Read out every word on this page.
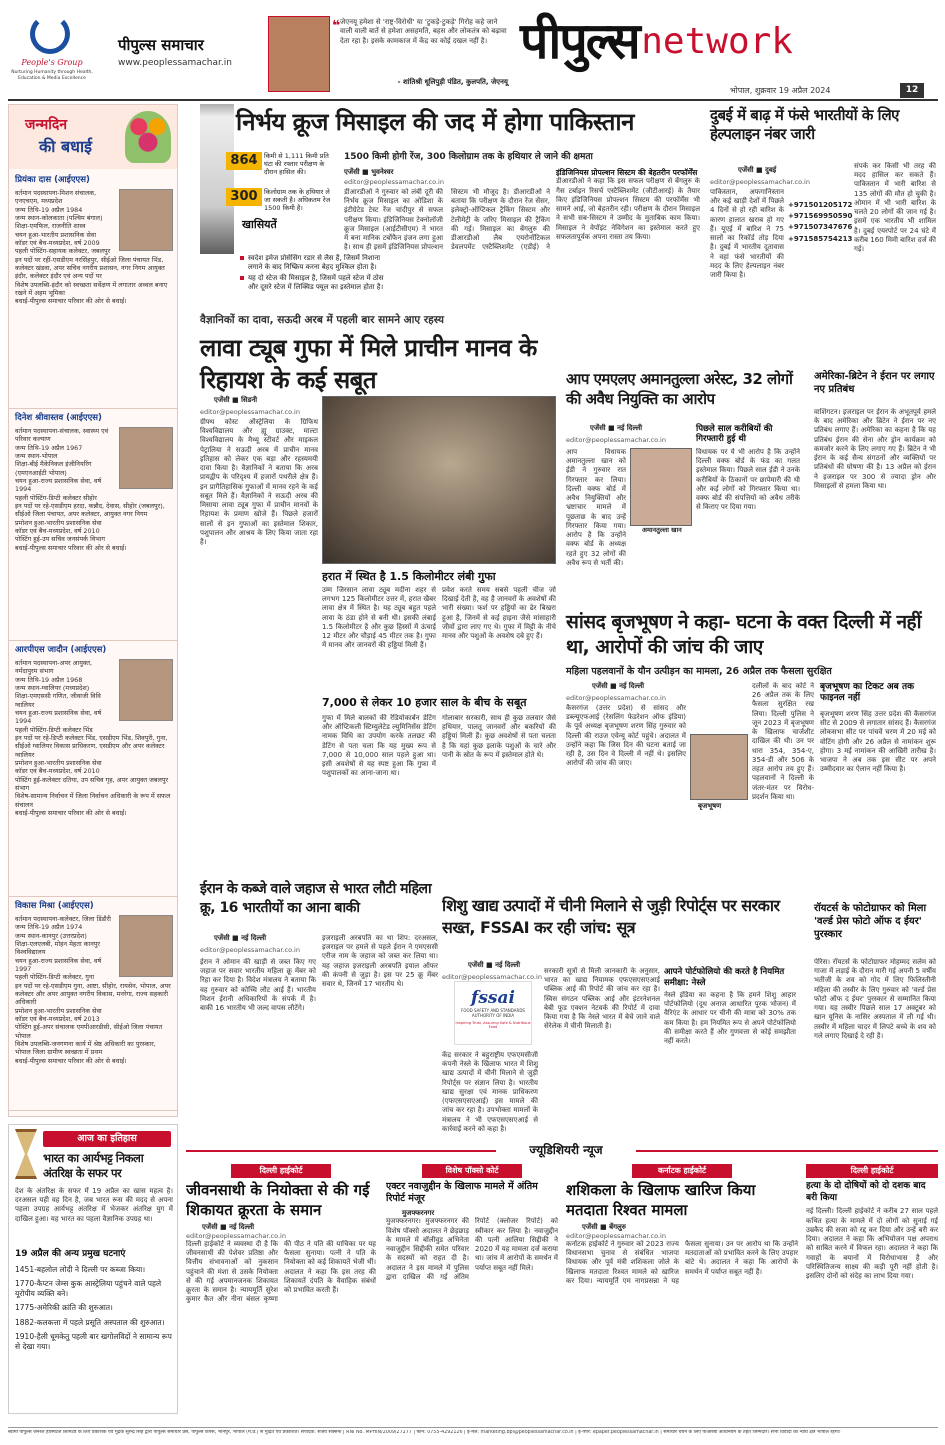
People's Group
Nurturing Humanity through Health, Education & Media Excellence
पीपुल्स समाचार
www.peoplessamachar.in
❝ जेएनयू हमेशा से 'राष्ट्र-विरोधी' या 'टुकड़े-टुकड़े' गिरोह कहे जाने वाली वाली बातें से हमेशा असहमति, बहस और लोकतंत्र को बढ़ावा देता रहा है। इसके कामकाज में केंद्र का कोई दखल नहीं है।
- शांतिश्री धूलिपुड़ी पंडित, कुलपति, जेएनयू
पीपुल्स network
भोपाल, शुक्रवार 19 अप्रैल 2024	12
जन्मदिन
की बधाई
प्रियंका दास (आईएएस)
वर्तमान पदस्थापना-मिशन संचालक, एनएचएम, मध्यप्रदेश
जन्म तिथि-19 अप्रैल 1984
जन्म स्थान-कोलकाता (पश्चिम बंगाल)
शिक्षा-एमफिल, राजनीति शास्त्र
चयन हुआ-भारतीय प्रशासनिक सेवा
कॉडर एवं बैच-मध्यप्रदेश, वर्ष 2009
पहली पोस्टिंग-सहायक कलेक्टर, जबलपुर
इन पदों पर रहीं-एसडीएम नरसिंहपुर, सीईओ जिला पंचायत भिंड, कलेक्टर खंडवा, अपर सचिव नगरीय प्रशासन, नगर निगम आयुक्त इंदौर, कलेक्टर इंदौर एवं अन्य पदों पर
विशेष उपलब्धि-इंदौर को स्वच्छता सर्वेक्षण में लगातार अव्वल बनाए रखने में अहम भूमिका
बधाई-पीपुल्स समाचार परिवार की ओर से बधाई।
दिनेश श्रीवास्तव (आईएएस)
वर्तमान पदस्थापना-संचालक, स्वास्थ्य एवं परिवार कल्याण
जन्म तिथि-19 अप्रैल 1967
जन्म स्थान-भोपाल
शिक्षा-बीई मैकेनिकल इंजीनियरिंग (एमएनआईटी भोपाल)
चयन हुआ-राज्य प्रशासनिक सेवा, वर्ष 1994
पहली पोस्टिंग-डिप्टी कलेक्टर सीहोर
इन पदों पर रहे-एसडीएम हरदा, कन्नौद, देवास, सीहोर (जबलपुर), सीईओ जिला पंचायत, अपर कलेक्टर, आयुक्त नगर निगम
प्रमोशन हुआ-भारतीय प्रशासनिक सेवा
कॉडर एवं बैच-मध्यप्रदेश, वर्ष 2010
पोस्टिंग हुई-उप सचिव जनसंपर्क विभाग
बधाई-पीपुल्स समाचार परिवार की ओर से बधाई।
आरपीएस जादौन (आईएएस)
वर्तमान पदस्थापना-अपर आयुक्त, नर्मदापुरम संभाग
जन्म तिथि-19 अप्रैल 1968
जन्म स्थान-ग्वालियर (मध्यप्रदेश)
शिक्षा-एमएससी गणित, जीवाजी विवि ग्वालियर
चयन हुआ-राज्य प्रशासनिक सेवा, वर्ष 1994
पहली पोस्टिंग-डिप्टी कलेक्टर भिंड
इन पदों पर रहे-डिप्टी कलेक्टर भिंड, एसडीएम भिंड, शिवपुरी, गुना, सीईओ ग्वालियर विकास प्राधिकरण, एसडीएम और अपर कलेक्टर ग्वालियर
प्रमोशन हुआ-भारतीय प्रशासनिक सेवा
कॉडर एवं बैच-मध्यप्रदेश, वर्ष 2010
पोस्टिंग हुई-कलेक्टर दतिया, उप सचिव गृह, अपर आयुक्त जबलपुर संभाग
विशेष-सामान्य निर्वाचन में जिला निर्वाचन अधिकारी के रूप में सफल संचालन
बधाई-पीपुल्स समाचार परिवार की ओर से बधाई।
विकास मिश्रा (आईएएस)
वर्तमान पदस्थापना-कलेक्टर, जिला डिंडौरी
जन्म तिथि-19 अप्रैल 1974
जन्म स्थान-कानपुर (उत्तरप्रदेश)
शिक्षा-एलएलबी, मोहन मेहता कानपुर विश्वविद्यालय
चयन हुआ-राज्य प्रशासनिक सेवा, वर्ष 1997
पहली पोस्टिंग-डिप्टी कलेक्टर, गुना
इन पदों पर रहे-एसडीएम गुना, आष्टा, सीहोर, रायसेन, भोपाल, अपर कलेक्टर और अपर आयुक्त नगरीय विकास, मनरेगा, राज्य सहकारी अधिकारी
प्रमोशन हुआ-भारतीय प्रशासनिक सेवा
कॉडर एवं बैच-मध्यप्रदेश, वर्ष 2013
पोस्टिंग हुई-अपर संचालक एमपीआरडीसी, सीईओ जिला पंचायत भोपाल
विशेष उपलब्धि-जनगणना कार्य में श्रेष्ठ अधिकारी का पुरस्कार, भोपाल जिला ग्रामीण स्वच्छता में प्रथम
बधाई-पीपुल्स समाचार परिवार की ओर से बधाई।
आज का इतिहास
भारत का आर्यभट्ट निकला अंतरिक्ष के सफर पर
देश के अंतरिक्ष के सफर में 19 अप्रैल का खास महत्व है। दरअसल यही वह दिन है, जब भारत रूस की मदद से अपना पहला उपग्रह आर्यभट्ट अंतरिक्ष में भेजकर अंतरिक्ष युग में दाखिल हुआ। यह भारत का पहला वैज्ञानिक उपग्रह था।
19 अप्रैल की अन्य प्रमुख घटनाएं
1451-बहलोल लोदी ने दिल्ली पर कब्जा किया।
1770-कैप्टन जेम्स कुक आस्ट्रेलिया पहुंचने वाले पहले यूरोपीय व्यक्ति बने।
1775-अमेरिकी क्रांति की शुरुआत।
1882-कलकत्ता में पहले प्रसूति अस्पताल की शुरुआत।
1910-हैली धूमकेतु पहली बार खगोलविदों ने सामान्य रूप से देखा गया।
निर्भय क्रूज मिसाइल की जद में होगा पाकिस्तान
864 किमी से 1,111 किमी प्रति घंटा की रफ्तार परीक्षण के दौरान हासिल की।
1500 किमी होगी रेंज, 300 किलोग्राम तक के हथियार ले जाने की क्षमता
300 किलोग्राम तक के हथियार ले जा सकती है। अधिकतम रेंज 1500 किमी है।
खासियतें
एजेंसी ■ भुवनेश्वर
editor@peoplessamachar.co.in
डीआरडीओ ने गुरुवार को लंबी दूरी की निर्भय क्रूज मिसाइल का ओडिशा के इंटीग्रेटेड टेस्ट रेंज चांदीपुर से सफल परीक्षण किया। इंडिजिनियस टेक्नोलॉजी क्रूज मिसाइल (आईटीसीएम) ने भारत में बना मानिक टर्बोफैन इंजन लगा हुआ है। साथ ही इसमें इंडिजिनियस प्रोपल्शन सिस्टम भी मौजूद है। डीआरडीओ ने बताया कि परीक्षण के दौरान रेंज सेंसर, इलेक्ट्रो-ऑप्टिकल ट्रैकिंग सिस्टम और टेलीमेट्री के जरिए मिसाइल की ट्रैकिंग की गई। मिसाइल का बेंगलुरु की डीआरडीओ लैब एयरोनॉटिकल डेवलपमेंट एस्टैब्लिशमेंट (एडीई) ने
इंडिजिनियस प्रोपल्शन सिस्टम की बेहतरीन परफॉर्मेंस
डीआरडीओ ने कहा कि इस सफल परीक्षण से बेंगलुरु के गैस टर्बाइन रिसर्च एस्टैब्लिशमेंट (जीटीआरई) के तैयार किए इंडिजिनियस प्रोपल्शन सिस्टम की परफॉर्मेंस भी सामने आई, जो बेहतरीन रही। परीक्षण के दौरान मिसाइल ने सभी सब-सिस्टम ने उम्मीद के मुताबिक काम किया। मिसाइल ने वेपॉइंट नेविगेशन का इस्तेमाल करते हुए सफलतापूर्वक अपना रास्ता तय किया।
स्वदेश इमेज प्रोसेसिंग रडार से लैस है, जिसमें निशाना लगाने के बाद निष्क्रिय करना बेहद मुश्किल होता है।
यह दो स्टेज की मिसाइल है, जिसमें पहले स्टेज में ठोस और दूसरे स्टेज में लिक्विड फ्यूल का इस्तेमाल होता है।
दुबई में बाढ़ में फंसे भारतीयों के लिए हेल्पलाइन नंबर जारी
एजेंसी ■ दुबई
editor@peoplessamachar.co.in
पाकिस्तान, अफगानिस्तान और कई खाड़ी देशों में पिछले 4 दिनों से हो रही बारिश के कारण हालात खराब हो गए हैं। यूएई में बारिश ने 75 सालों का रिकॉर्ड तोड़ दिया है। दुबई में भारतीय दूतावास ने वहां फंसे भारतीयों की मदद के लिए हेल्पलाइन नंबर जारी किया है।
+971501205172
+971569950590
+971507347676
+971585754213
संपर्क कर किसी भी तरह की मदद हासिल कर सकते हैं। पाकिस्तान में भारी बारिश से 135 लोगों की मौत हो चुकी है। ओमान में भी भारी बारिश के चलते 20 लोगों की जान गई है। इसमें एक भारतीय भी शामिल है। दुबई एयरपोर्ट पर 24 घंटे में करीब 160 मिमी बारिश दर्ज की गई।
वैज्ञानिकों का दावा, सऊदी अरब में पहली बार सामने आए रहस्य
लावा ट्यूब गुफा में मिले प्राचीन मानव के रिहायश के कई सबूत
एजेंसी ■ सिडनी
editor@peoplessamachar.co.in
ग्रीफ्थ कोस्ट ऑस्ट्रेलिया के ग्रिफिथ विश्वविद्यालय और ह्यू ग्राउक्ट, माल्टा विश्वविद्यालय के मैथ्यू स्टीवर्ट और माइकल पेट्रालिया ने सऊदी अरब में प्राचीन मानव इतिहास को लेकर एक बड़ा और रहस्यमयी दावा किया है। वैज्ञानिकों ने बताया कि अरब प्रायद्वीप के परिदृश्य में हजारों पथरीले क्षेत्र हैं। इन प्रागैतिहासिक गुफाओं में मानव रहने के कई सबूत मिले हैं। वैज्ञानिकों ने सऊदी अरब की मिसाया लावा ट्यूब गुफा में प्राचीन मानवों के रिहायश के प्रमाण खोजे हैं। पिछले हजारों सालों से इन गुफाओं का इस्तेमाल शिकार, पशुपालन और आश्रय के लिए किया जाता रहा है।
हरात में स्थित है 1.5 किलोमीटर लंबी गुफा
उम्म जिरसान लावा ट्यूब मदीना शहर से लगभग 125 किलोमीटर उत्तर में, हरात खैबर लावा क्षेत्र में स्थित है। यह ट्यूब बहुत पहले लावा के ठंडा होने से बनी थी। इसकी लंबाई 1.5 किलोमीटर है और कुछ हिस्सों में ऊंचाई 12 मीटर और चौड़ाई 45 मीटर तक है। गुफा में मानव और जानवरों की हड्डियां मिली हैं।
प्रवेश करते समय सबसे पहली चीज जो दिखाई देती है, वह है जानवरों के अवशेषों की भारी संख्या। फर्श पर हड्डियों का ढेर बिखरा हुआ है, जिनमें से कई हाइना जैसे मांसाहारी जीवों द्वारा लाए गए थे। गुफा में मिट्टी के नीचे मानव और पशुओं के अवशेष दबे हुए हैं।
7,000 से लेकर 10 हजार साल के बीच के सबूत
गुफा में मिले बालकों की रेडियोकार्बन डेटिंग और ऑप्टिकली स्टिम्युलेटेड ल्युमिनिसेंस डेटिंग नामक विधि का उपयोग करके तलछट की डेटिंग से पता चला कि यह मुख्य रूप से 7,000 से 10,000 साल पहले हुआ था। इसी अवशेषों से यह स्पष्ट हुआ कि गुफा में पशुपालकों का आना-जाना था।
गोलाबार सरकारी, साथ ही कुछ तलवार जैसे हथियार, पालतू जानवरों और बकरियों की हड्डियां मिली हैं। कुछ अवशेषों से पता चलता है कि यहां कुछ इलाके पशुओं के चारे और पानी के स्रोत के रूप में इस्तेमाल होते थे।
आप एमएलए अमानतुल्ला अरेस्ट, 32 लोगों की अवैध नियुक्ति का आरोप
एजेंसी ■ नई दिल्ली
editor@peoplessamachar.co.in
आप विधायक अमानतुल्ला खान को ईडी ने गुरुवार रात गिरफ्तार कर लिया। दिल्ली वक्फ बोर्ड में अवैध नियुक्तियों और भ्रष्टाचार मामले में पूछताछ के बाद उन्हें गिरफ्तार किया गया। आरोप है कि उन्होंने वक्फ बोर्ड के अध्यक्ष रहते हुए 32 लोगों की अवैध रूप से भर्ती की।
अमानतुल्ला खान
पिछले साल करीबियों की गिरफ्तारी हुई थी
विधायक पर ये भी आरोप है कि उन्होंने दिल्ली वक्फ बोर्ड के फंड का गलत इस्तेमाल किया। पिछले साल ईडी ने उनके करीबियों के ठिकानों पर छापेमारी की थी और कई लोगों को गिरफ्तार किया था। वक्फ बोर्ड की संपत्तियों को अवैध तरीके से किराए पर दिया गया।
अमेरिका-ब्रिटेन ने ईरान पर लगाए नए प्रतिबंध
वाशिंगटन। इजराइल पर ईरान के अभूतपूर्व हमले के बाद अमेरिका और ब्रिटेन ने ईरान पर नए प्रतिबंध लगाए हैं। अमेरिका का कहना है कि यह प्रतिबंध ईरान की सेना और ड्रोन कार्यक्रम को कमजोर करने के लिए लगाए गए हैं। ब्रिटेन ने भी ईरान के कई सैन्य संगठनों और व्यक्तियों पर प्रतिबंधों की घोषणा की है। 13 अप्रैल को ईरान ने इजराइल पर 300 से ज्यादा ड्रोन और मिसाइलों से हमला किया था।
सांसद बृजभूषण ने कहा- घटना के वक्त दिल्ली में नहीं था, आरोपों की जांच की जाए
महिला पहलवानों के यौन उत्पीड़न का मामला, 26 अप्रैल तक फैसला सुरक्षित
एजेंसी ■ नई दिल्ली
editor@peoplessamachar.co.in
कैसरगंज (उत्तर प्रदेश) से सांसद और डब्ल्यूएफआई (रेसलिंग फेडरेशन ऑफ इंडिया) के पूर्व अध्यक्ष बृजभूषण शरण सिंह गुरुवार को दिल्ली की राउज एवेन्यू कोर्ट पहुंचे। अदालत में उन्होंने कहा कि जिस दिन की घटना बताई जा रही है, उस दिन वे दिल्ली में नहीं थे। इसलिए आरोपों की जांच की जाए।
बृजभूषण
दलीलों के बाद कोर्ट ने 26 अप्रैल तक के लिए फैसला सुरक्षित रख लिया। दिल्ली पुलिस ने जून 2023 में बृजभूषण के खिलाफ चार्जशीट दाखिल की थी। उन पर धारा 354, 354-ए, 354-डी और 506 के तहत आरोप तय हुए हैं। पहलवानों ने दिल्ली के जंतर-मंतर पर विरोध-प्रदर्शन किया था।
बृजभूषण का टिकट अब तक फाइनल नहीं
बृजभूषण शरण सिंह उत्तर प्रदेश की कैसरगंज सीट से 2009 से लगातार सांसद हैं। कैसरगंज लोकसभा सीट पर पांचवें चरण में 20 मई को वोटिंग होगी और 26 अप्रैल से नामांकन शुरू होगा। 3 मई नामांकन की आखिरी तारीख है। भाजपा ने अब तक इस सीट पर अपने उम्मीदवार का ऐलान नहीं किया है।
ईरान के कब्जे वाले जहाज से भारत लौटी महिला क्रू, 16 भारतीयों का आना बाकी
एजेंसी ■ नई दिल्ली
editor@peoplessamachar.co.in
ईरान ने ओमान की खाड़ी से जब्त किए गए जहाज पर सवार भारतीय महिला क्रू मेंबर को रिहा कर दिया है। विदेश मंत्रालय ने बताया कि वह गुरुवार को कोच्चि लौट आई हैं। भारतीय मिशन ईरानी अधिकारियों के संपर्क में है। बाकी 16 भारतीय भी जल्द वापस लौटेंगे।
इजराइली अरबपति का था शिप: दरअसल, इजराइल पर हमले से पहले ईरान ने एमएससी एरीज नाम के जहाज को जब्त कर लिया था। यह जहाज इजराइली अरबपति इयाल ऑफर की कंपनी से जुड़ा है। इस पर 25 क्रू मेंबर सवार थे, जिनमें 17 भारतीय थे।
शिशु खाद्य उत्पादों में चीनी मिलाने से जुड़ी रिपोर्ट्स पर सरकार सख्त, FSSAI कर रही जांच: सूत्र
एजेंसी ■ नई दिल्ली
editor@peoplessamachar.co.in
fssai
FOOD SAFETY AND STANDARDS AUTHORITY OF INDIA
Inspiring Trust, Assuring Safe & Nutritious Food
केंद्र सरकार ने बहुराष्ट्रीय एफएमसीजी कंपनी नेस्ले के खिलाफ भारत में शिशु खाद्य उत्पादों में चीनी मिलाने से जुड़ी रिपोर्ट्स पर संज्ञान लिया है। भारतीय खाद्य सुरक्षा एवं मानक प्राधिकरण (एफएसएसएआई) इस मामले की जांच कर रहा है। उपभोक्ता मामलों के मंत्रालय ने भी एफएसएसएआई से कार्रवाई करने को कहा है।
सरकारी सूत्रों से मिली जानकारी के अनुसार, भारत का खाद्य नियामक एफएसएसएआई पब्लिक आई की रिपोर्ट की जांच कर रहा है। स्विस संगठन पब्लिक आई और इंटरनेशनल बेबी फूड एक्शन नेटवर्क की रिपोर्ट में दावा किया गया है कि नेस्ले भारत में बेचे जाने वाले सेरेलेक में चीनी मिलाती है।
आपने पोर्टफोलियो की करते है नियमित समीक्षा: नेस्ले
नेस्ले इंडिया का कहना है कि हमने शिशु आहार पोर्टफोलियो (दूध अनाज आधारित पूरक भोजन) में वैरिएंट के आधार पर चीनी की मात्रा को 30% तक कम किया है। हम नियमित रूप से अपने पोर्टफोलियो की समीक्षा करते हैं और गुणवत्ता से कोई समझौता नहीं करते।
रॉयटर्स के फोटोग्राफर को मिला 'वर्ल्ड प्रेस फोटो ऑफ द ईयर' पुरस्कार
पेरिस। रॉयटर्स के फोटोग्राफर मोहम्मद सलेम को गाजा में लड़ाई के दौरान मारी गई अपनी 5 वर्षीय भतीजी के शव को गोद में लिए फिलिस्तीनी महिला की तस्वीर के लिए गुरुवार को 'वर्ल्ड प्रेस फोटो ऑफ द ईयर' पुरस्कार से सम्मानित किया गया। यह तस्वीर पिछले साल 17 अक्टूबर को खान यूनिस के नासिर अस्पताल में ली गई थी। तस्वीर में महिला चादर में लिपटे बच्चे के शव को गले लगाए दिखाई दे रही है।
ज्यूडिशियरी न्यूज
दिल्ली हाईकोर्ट
जीवनसाथी के नियोक्ता से की गई शिकायत क्रूरता के समान
एजेंसी ■ नई दिल्ली
editor@peoplessamachar.co.in
दिल्ली हाईकोर्ट ने व्यवस्था दी है कि जीवनसाथी की पेशेवर प्रतिष्ठा और वित्तीय संभावनाओं को नुकसान पहुंचाने की मंशा से उसके नियोक्ता से की गई अपमानजनक शिकायत क्रूरता के समान है। न्यायमूर्ति सुरेश कुमार कैत और नीना बंसल कृष्णा की पीठ ने पति की याचिका पर यह फैसला सुनाया। पत्नी ने पति के नियोक्ता को कई शिकायतें भेजी थीं। अदालत ने कहा कि इस तरह की शिकायतें दंपति के वैवाहिक संबंधों को प्रभावित करती हैं।
विशेष पॉक्सो कोर्ट
एक्टर नवाजुद्दीन के खिलाफ मामले में अंतिम रिपोर्ट मंजूर
मुजफ्फरनगर
मुजफ्फरनगर। मुजफ्फरनगर की विशेष पॉक्सो अदालत ने छेड़छाड़ के मामले में बॉलीवुड अभिनेता नवाजुद्दीन सिद्दीकी समेत परिवार के सदस्यों को राहत दी है। अदालत ने इस मामले में पुलिस द्वारा दाखिल की गई अंतिम रिपोर्ट (क्लोजर रिपोर्ट) को स्वीकार कर लिया है। नवाजुद्दीन की पत्नी आलिया सिद्दीकी ने 2020 में यह मामला दर्ज कराया था। जांच में आरोपों के समर्थन में पर्याप्त सबूत नहीं मिले।
कर्नाटक हाईकोर्ट
शशिकला के खिलाफ खारिज किया मतदाता रिश्वत मामला
एजेंसी ■ बेंगलुरु
editor@peoplessamachar.co.in
कर्नाटक हाईकोर्ट ने गुरुवार को 2023 राज्य विधानसभा चुनाव से संबंधित भाजपा विधायक और पूर्व मंत्री शशिकला जोले के खिलाफ मतदाता रिश्वत मामले को खारिज कर दिया। न्यायमूर्ति एम नागप्रसन्ना ने यह फैसला सुनाया। उन पर आरोप था कि उन्होंने मतदाताओं को प्रभावित करने के लिए उपहार बांटे थे। अदालत ने कहा कि आरोपों के समर्थन में पर्याप्त सबूत नहीं हैं।
दिल्ली हाईकोर्ट
हत्या के दो दोषियों को दो दशक बाद बरी किया
नई दिल्ली। दिल्ली हाईकोर्ट ने करीब 27 साल पहले कथित हत्या के मामले में दो लोगों को सुनाई गई उम्रकैद की सजा को रद्द कर दिया और उन्हें बरी कर दिया। अदालत ने कहा कि अभियोजन पक्ष अपराध को साबित करने में विफल रहा। अदालत ने कहा कि गवाहों के बयानों में विरोधाभास है और परिस्थितिजन्य साक्ष्य की कड़ी पूरी नहीं होती है। इसलिए दोनों को संदेह का लाभ दिया गया।
स्वामी पीपुल्स जनरल हॉस्पिटल लिमिटेड के लिए प्रकाशक एवं मुद्रक सुरेन्द्र सिंह द्वारा पीपुल्स समाचार प्रेस, पीपुल्स कैंपस, भानपुर, भोपाल (म.प्र.) से मुद्रित एवं प्रकाशित। संपादक: संजय सक्सेना | RNI No. MPHIN/2009/27277 | फोन: 0755-4292126 | ई-मेल: marketing.bpl@peoplessamachar.co.in | ई-पेपर: epaper.peoplessamachar.in | समाचार चयन के लिए पीआरबी अधिनियम के तहत जिम्मेदार। सभी विवादों का न्याय क्षेत्र भोपाल रहेगा।
